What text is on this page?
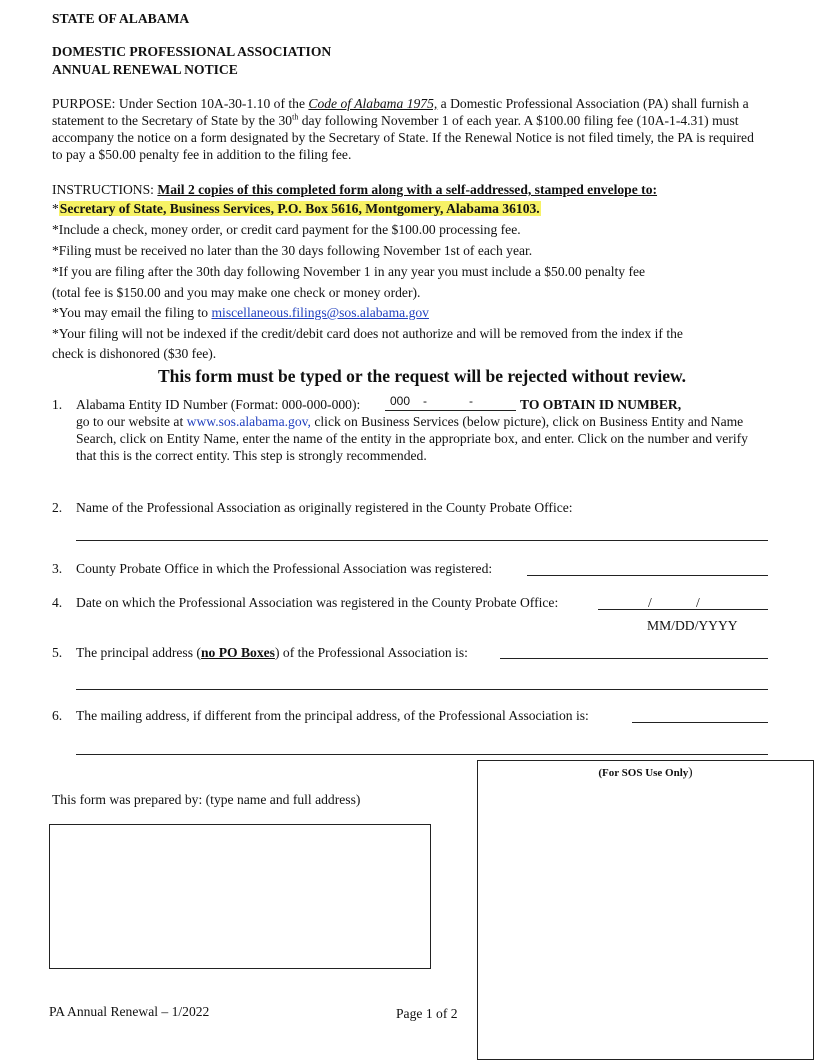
STATE OF ALABAMA
DOMESTIC PROFESSIONAL ASSOCIATION
ANNUAL RENEWAL NOTICE

PURPOSE: Under Section 10A-30-1.10 of the Code of Alabama 1975, a Domestic Professional Association (PA) shall furnish a statement to the Secretary of State by the 30th day following November 1 of each year. A $100.00 filing fee (10A-1-4.31) must accompany the notice on a form designated by the Secretary of State. If the Renewal Notice is not filed timely, the PA is required to pay a $50.00 penalty fee in addition to the filing fee.

INSTRUCTIONS: Mail 2 copies of this completed form along with a self-addressed, stamped envelope to:
*Secretary of State, Business Services, P.O. Box 5616, Montgomery, Alabama 36103.
*Include a check, money order, or credit card payment for the $100.00 processing fee.
*Filing must be received no later than the 30 days following November 1st of each year.
*If you are filing after the 30th day following November 1 in any year you must include a $50.00 penalty fee
(total fee is $150.00 and you may make one check or money order).
*You may email the filing to miscellaneous.filings@sos.alabama.gov
*Your filing will not be indexed if the credit/debit card does not authorize and will be removed from the index if the
check is dishonored ($30 fee).
This form must be typed or the request will be rejected without review.
1. Alabama Entity ID Number (Format: 000-000-000): 000 -	-	TO OBTAIN ID NUMBER,

go to our website at www.sos.alabama.gov, click on Business Services (below picture), click on Business Entity and Name Search, click on Entity Name, enter the name of the entity in the appropriate box, and enter. Click on the number and verify that this is the correct entity. This step is strongly recommended.

2. Name of the Professional Association as originally registered in the County Probate Office:
3. County Probate Office in which the Professional Association was registered:
4. Date on which the Professional Association was registered in the County Probate Office:	/	/
MM/DD/YYYY
5. The principal address (no PO Boxes) of the Professional Association is:
6. The mailing address, if different from the principal address, of the Professional Association is:
(For SOS Use Only)
This form was prepared by: (type name and full address)
PA Annual Renewal – 1/2022	Page 1 of 2
